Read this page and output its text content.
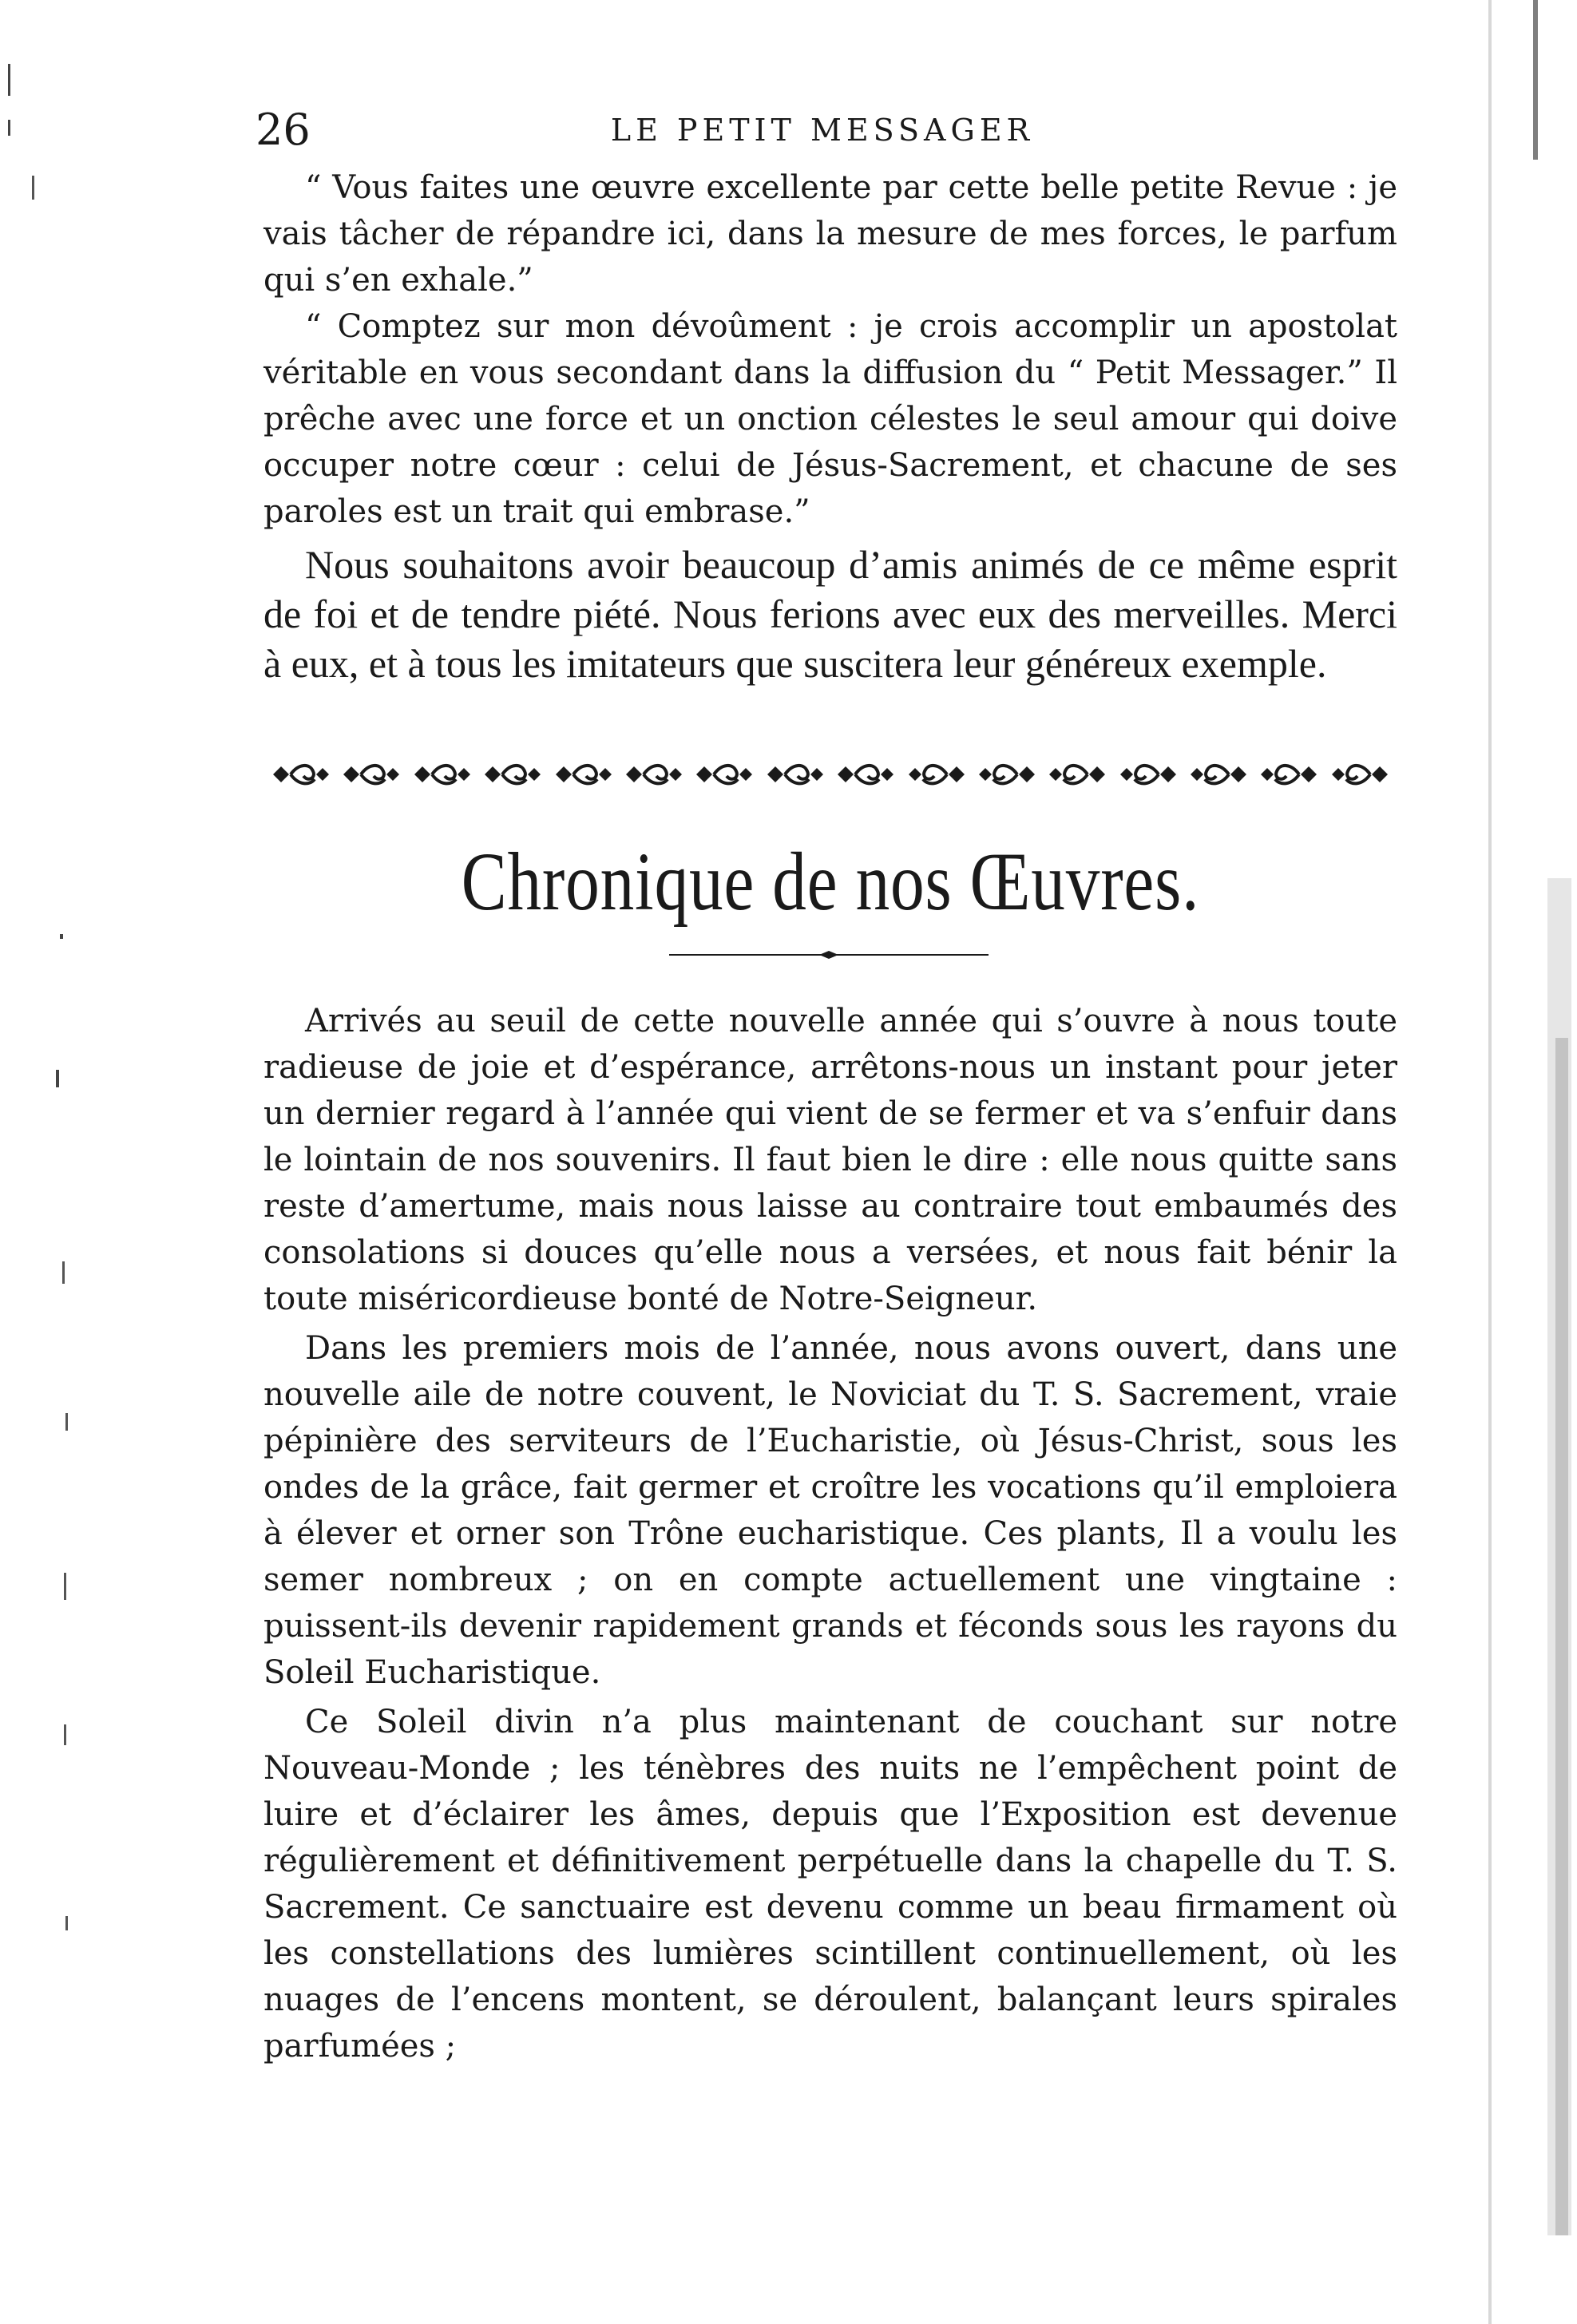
26	LE PETIT MESSAGER

“ Vous faites une œuvre excellente par cette belle petite Revue : je vais tâcher de répandre ici, dans la mesure de mes forces, le parfum qui s’en exhale.”

“ Comptez sur mon dévoûment : je crois accomplir un apostolat véritable en vous secondant dans la diffusion du “ Petit Messager.” Il prêche avec une force et un onction célestes le seul amour qui doive occuper notre cœur : celui de Jésus-Sacrement, et chacune de ses paroles est un trait qui embrase.”

Nous souhaitons avoir beaucoup d’amis animés de ce même esprit de foi et de tendre piété. Nous ferions avec eux des merveilles. Merci à eux, et à tous les imitateurs que suscitera leur généreux exemple.

Chronique de nos Œuvres.

Arrivés au seuil de cette nouvelle année qui s’ouvre à nous toute radieuse de joie et d’espérance, arrêtons-nous un instant pour jeter un dernier regard à l’année qui vient de se fermer et va s’enfuir dans le lointain de nos souvenirs. Il faut bien le dire : elle nous quitte sans reste d’amertume, mais nous laisse au contraire tout embaumés des consolations si douces qu’elle nous a versées, et nous fait bénir la toute miséricordieuse bonté de Notre-Seigneur.

Dans les premiers mois de l’année, nous avons ouvert, dans une nouvelle aile de notre couvent, le Noviciat du T. S. Sacrement, vraie pépinière des serviteurs de l’Eucharistie, où Jésus-Christ, sous les ondes de la grâce, fait germer et croître les vocations qu’il emploiera à élever et orner son Trône eucharistique. Ces plants, Il a voulu les semer nombreux ; on en compte actuellement une vingtaine : puissent-ils devenir rapidement grands et féconds sous les rayons du Soleil Eucharistique.

Ce Soleil divin n’a plus maintenant de couchant sur notre Nouveau-Monde ; les ténèbres des nuits ne l’empêchent point de luire et d’éclairer les âmes, depuis que l’Exposition est devenue régulièrement et définitivement perpétuelle dans la chapelle du T. S. Sacrement. Ce sanctuaire est devenu comme un beau firmament où les constellations des lumières scintillent continuellement, où les nuages de l’encens montent, se déroulent, balançant leurs spirales parfumées ;
